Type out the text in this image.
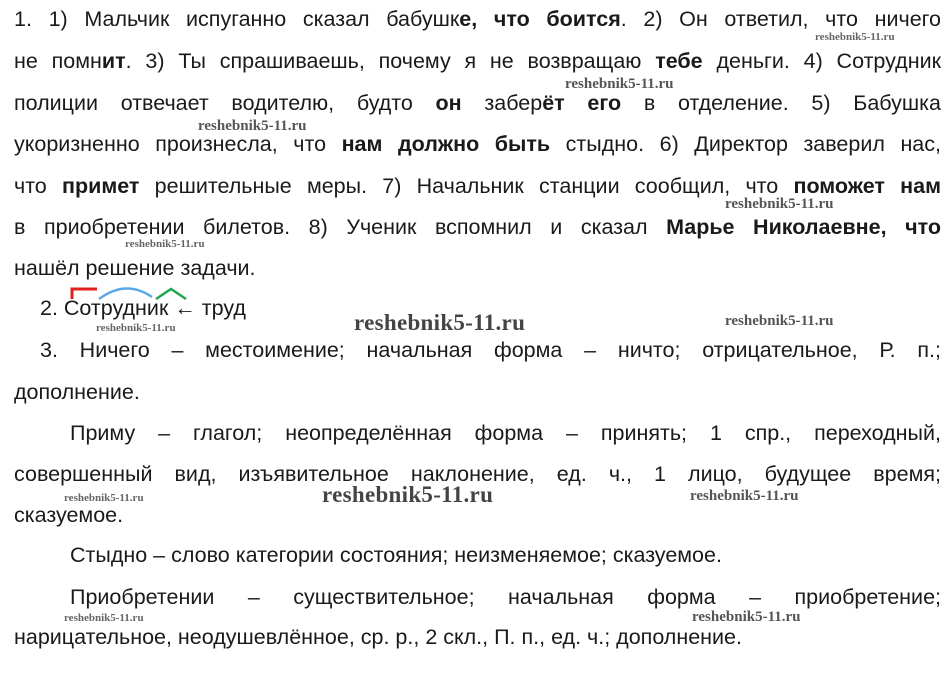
1. 1) Мальчик испуганно сказал бабушке, что боится. 2) Он ответил, что ничего
не помнит. 3) Ты спрашиваешь, почему я не возвращаю тебе деньги. 4) Сотрудник
полиции отвечает водителю, будто он заберёт его в отделение. 5) Бабушка
укоризненно произнесла, что нам должно быть стыдно. 6) Директор заверил нас,
что примет решительные меры. 7) Начальник станции сообщил, что поможет нам
в приобретении билетов. 8) Ученик вспомнил и сказал Марье Николаевне, что
нашёл решение задачи.
2. Сотрудник ← труд
3. Ничего – местоимение; начальная форма – ничто; отрицательное, Р. п.;
дополнение.
Приму – глагол; неопределённая форма – принять; 1 спр., переходный,
совершенный вид, изъявительное наклонение, ед. ч., 1 лицо, будущее время;
сказуемое.
Стыдно – слово категории состояния; неизменяемое; сказуемое.
Приобретении – существительное; начальная форма – приобретение;
нарицательное, неодушевлённое, ср. р., 2 скл., П. п., ед. ч.; дополнение.
reshebnik5-11.ru
reshebnik5-11.ru
reshebnik5-11.ru
reshebnik5-11.ru
reshebnik5-11.ru
reshebnik5-11.ru	reshebnik5-11.ru
reshebnik5-11.ru
reshebnik5-11.ru
reshebnik5-11.ru	reshebnik5-11.ru
reshebnik5-11.ru	reshebnik5-11.ru
